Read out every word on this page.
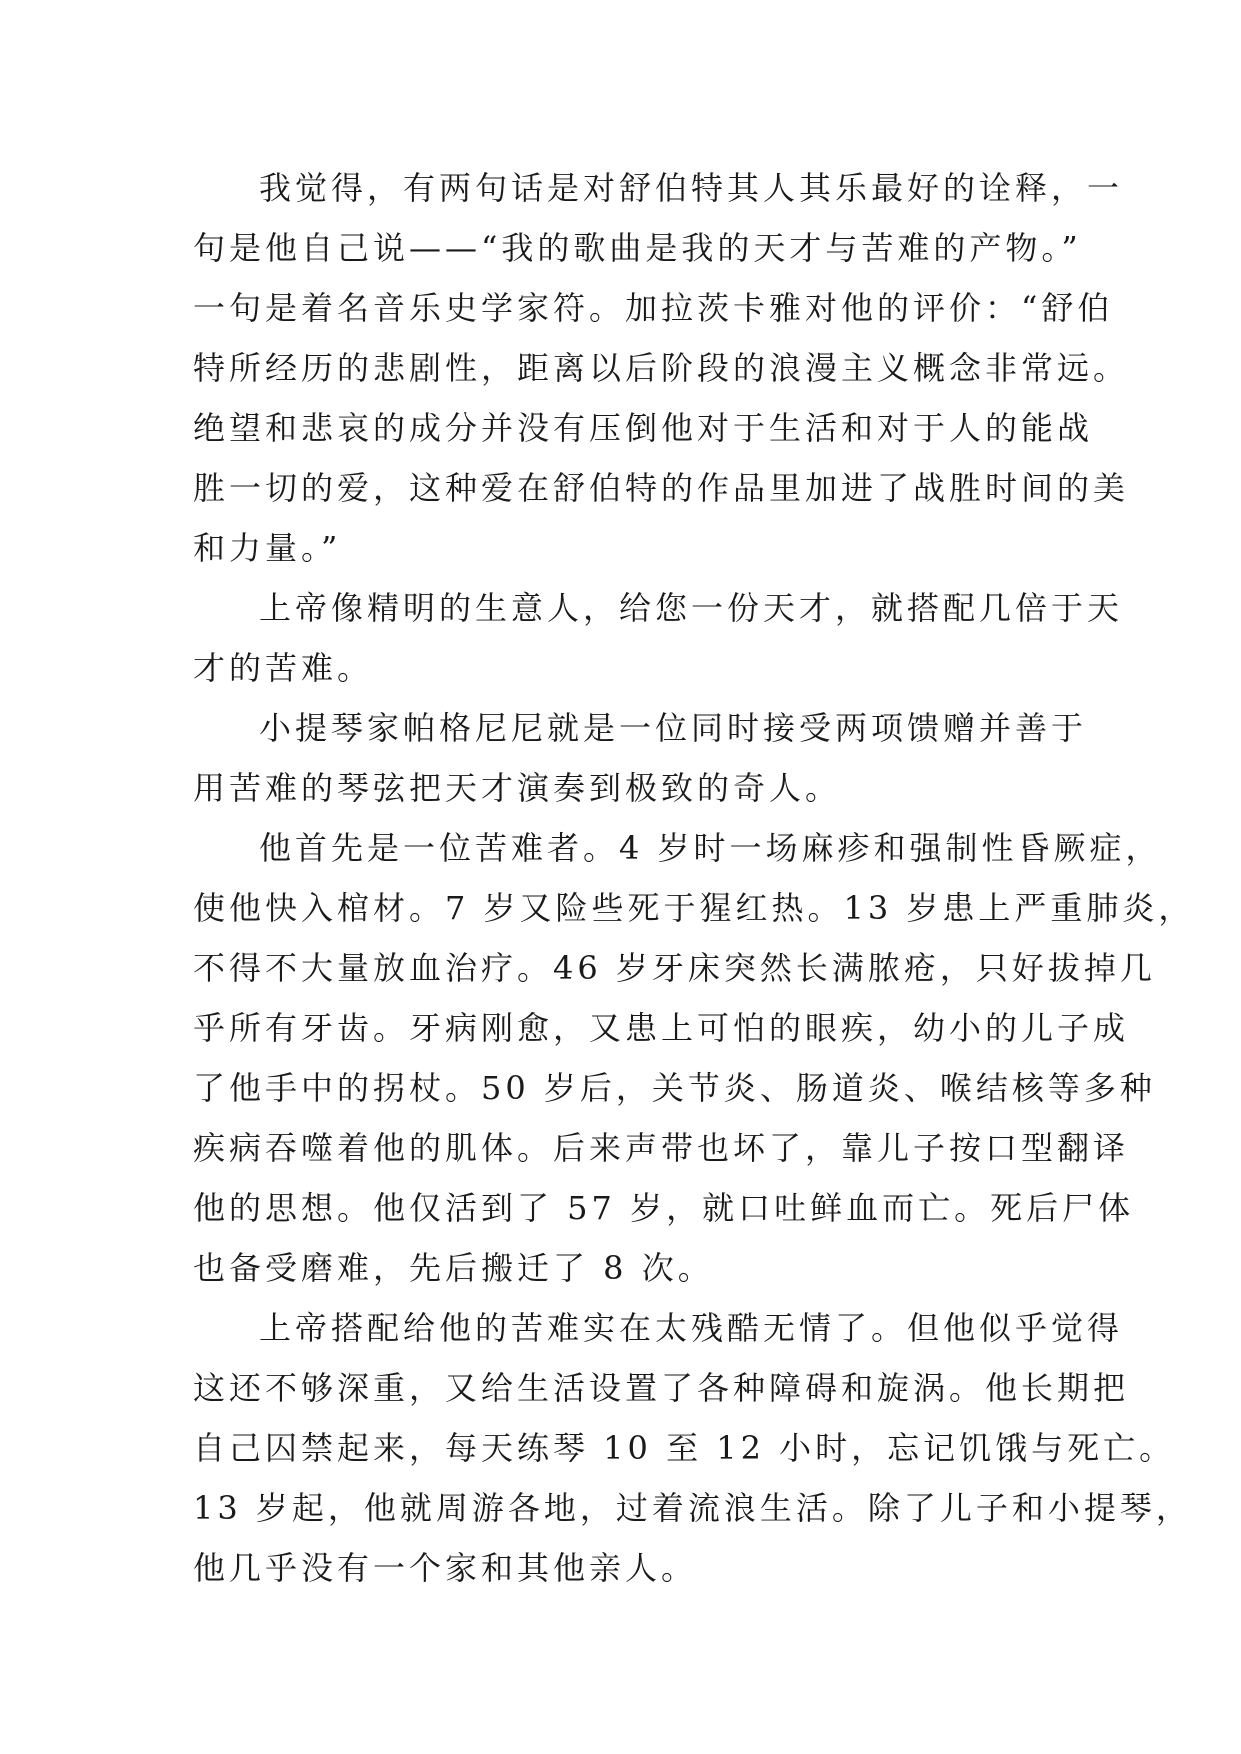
我觉得，有两句话是对舒伯特其人其乐最好的诠释，一
句是他自己说——“我的歌曲是我的天才与苦难的产物。”
一句是着名音乐史学家符。加拉茨卡雅对他的评价：“舒伯
特所经历的悲剧性，距离以后阶段的浪漫主义概念非常远。
绝望和悲哀的成分并没有压倒他对于生活和对于人的能战
胜一切的爱，这种爱在舒伯特的作品里加进了战胜时间的美
和力量。”
上帝像精明的生意人，给您一份天才，就搭配几倍于天
才的苦难。
小提琴家帕格尼尼就是一位同时接受两项馈赠并善于
用苦难的琴弦把天才演奏到极致的奇人。
他首先是一位苦难者。4 岁时一场麻疹和强制性昏厥症，
使他快入棺材。7 岁又险些死于猩红热。13 岁患上严重肺炎，
不得不大量放血治疗。46 岁牙床突然长满脓疮，只好拔掉几
乎所有牙齿。牙病刚愈，又患上可怕的眼疾，幼小的儿子成
了他手中的拐杖。50 岁后，关节炎、肠道炎、喉结核等多种
疾病吞噬着他的肌体。后来声带也坏了，靠儿子按口型翻译
他的思想。他仅活到了 57 岁，就口吐鲜血而亡。死后尸体
也备受磨难，先后搬迁了 8 次。
上帝搭配给他的苦难实在太残酷无情了。但他似乎觉得
这还不够深重，又给生活设置了各种障碍和旋涡。他长期把
自己囚禁起来，每天练琴 10 至 12 小时，忘记饥饿与死亡。
13 岁起，他就周游各地，过着流浪生活。除了儿子和小提琴，
他几乎没有一个家和其他亲人。
